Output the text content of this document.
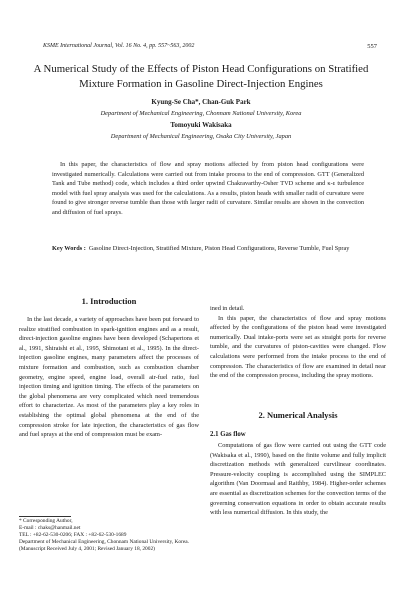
KSME International Journal, Vol. 16 No. 4, pp. 557~563, 2002	557
A Numerical Study of the Effects of Piston Head Configurations on Stratified Mixture Formation in Gasoline Direct-Injection Engines
Kyung-Se Cha*, Chan-Guk Park
Department of Mechanical Engineering, Chonnam National University, Korea
Tomoyuki Wakisaka
Department of Mechanical Engineering, Osaka City University, Japan
In this paper, the characteristics of flow and spray motions affected by from piston head configurations were investigated numerically. Calculations were carried out from intake process to the end of compression. GTT (Generalized Tank and Tube method) code, which includes a third order upwind Chakravarthy-Osher TVD scheme and κ-ε turbulence model with fuel spray analysis was used for the calculations. As a results, piston heads with smaller radii of curvature were found to give stronger reverse tumble than those with larger radii of curvature. Similar results are shown in the convection and diffusion of fuel sprays.
Key Words : Gasoline Direct-Injection, Stratified Mixture, Piston Head Configurations, Reverse Tumble, Fuel Spray
1. Introduction

In the last decade, a variety of approaches have been put forward to realize stratified combustion in spark-ignition engines and as a result, direct-injection gasoline engines have been developed (Schapertons et al., 1991, Shiraishi et al., 1995, Shimotani et al., 1995). In the direct-injection gasoline engines, many parameters affect the processes of mixture formation and combustion, such as combustion chamber geometry, engine speed, engine load, overall air-fuel ratio, fuel injection timing and ignition timing. The effects of the parameters on the global phenomena are very complicated which need tremendous effort to characterize. As most of the parameters play a key roles in establishing the optimal global phenomena at the end of the compression stroke for late injection, the characteristics of gas flow and fuel sprays at the end of compression must be exam-

* Corresponding Author,
E-mail : chaks@hanmail.net
TEL : +82-62-530-0206; FAX : +82-62-530-1689
Department of Mechanical Engineering, Chonnam National University, Korea. (Manuscript Received July 4, 2001; Revised January 18, 2002)
ined in detail.

In this paper, the characteristics of flow and spray motions affected by the configurations of the piston head were investigated numerically. Dual intake-ports were set as straight ports for reverse tumble, and the curvatures of piston-cavities were changed. Flow calculations were performed from the intake process to the end of compression. The characteristics of flow are examined in detail near the end of the compression process, including the spray motions.

2. Numerical Analysis
2.1 Gas flow

Computations of gas flow were carried out using the GTT code (Wakisaka et al., 1990), based on the finite volume and fully implicit discretization methods with generalized curvilinear coordinates. Pressure-velocity coupling is accomplished using the SIMPLEC algorithm (Van Doormaal and Raithby, 1984). Higher-order schemes are essential as discretization schemes for the convection terms of the governing conservation equations in order to obtain accurate results with less numerical diffusion. In this study, the
